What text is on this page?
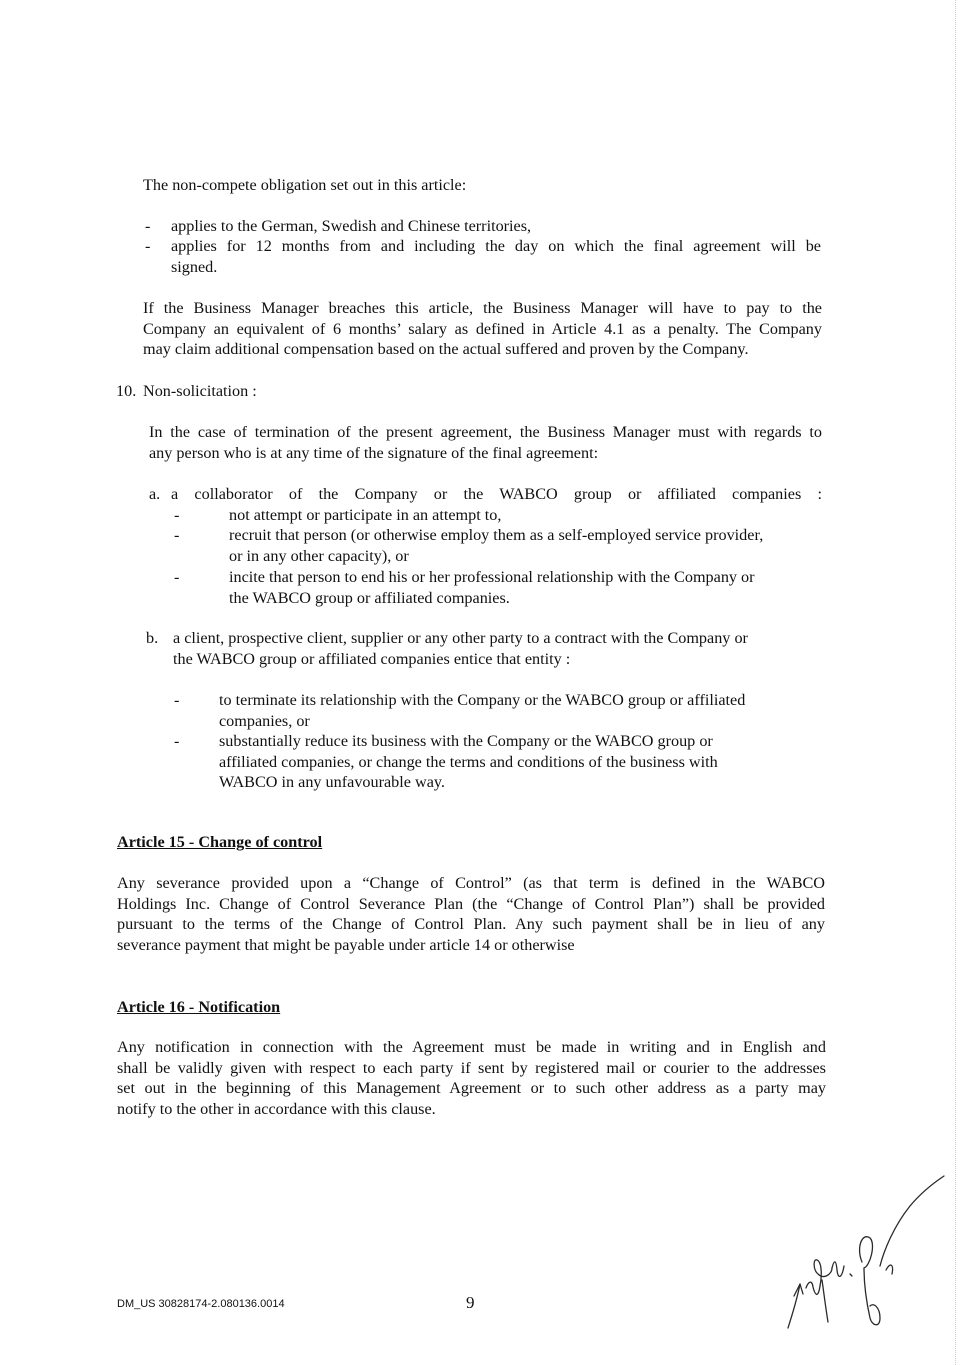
The non-compete obligation set out in this article:
- applies to the German, Swedish and Chinese territories,
- applies for 12 months from and including the day on which the final agreement will be
signed.
If the Business Manager breaches this article, the Business Manager will have to pay to the
Company an equivalent of 6 months’ salary as defined in Article 4.1 as a penalty. The Company
may claim additional compensation based on the actual suffered and proven by the Company.
10. Non-solicitation :
In the case of termination of the present agreement, the Business Manager must with regards to
any person who is at any time of the signature of the final agreement:
a. a collaborator of the Company or the WABCO group or affiliated companies :
-	not attempt or participate in an attempt to,
-	recruit that person (or otherwise employ them as a self-employed service provider,
or in any other capacity), or
-	incite that person to end his or her professional relationship with the Company or
the WABCO group or affiliated companies.
b. a client, prospective client, supplier or any other party to a contract with the Company or
the WABCO group or affiliated companies entice that entity :
- to terminate its relationship with the Company or the WABCO group or affiliated
companies, or
- substantially reduce its business with the Company or the WABCO group or
affiliated companies, or change the terms and conditions of the business with
WABCO in any unfavourable way.
Article 15 - Change of control
Any severance provided upon a “Change of Control” (as that term is defined in the WABCO
Holdings Inc. Change of Control Severance Plan (the “Change of Control Plan”) shall be provided
pursuant to the terms of the Change of Control Plan. Any such payment shall be in lieu of any
severance payment that might be payable under article 14 or otherwise
Article 16 - Notification
Any notification in connection with the Agreement must be made in writing and in English and
shall be validly given with respect to each party if sent by registered mail or courier to the addresses
set out in the beginning of this Management Agreement or to such other address as a party may
notify to the other in accordance with this clause.
DM_US 30828174-2.080136.0014	9
